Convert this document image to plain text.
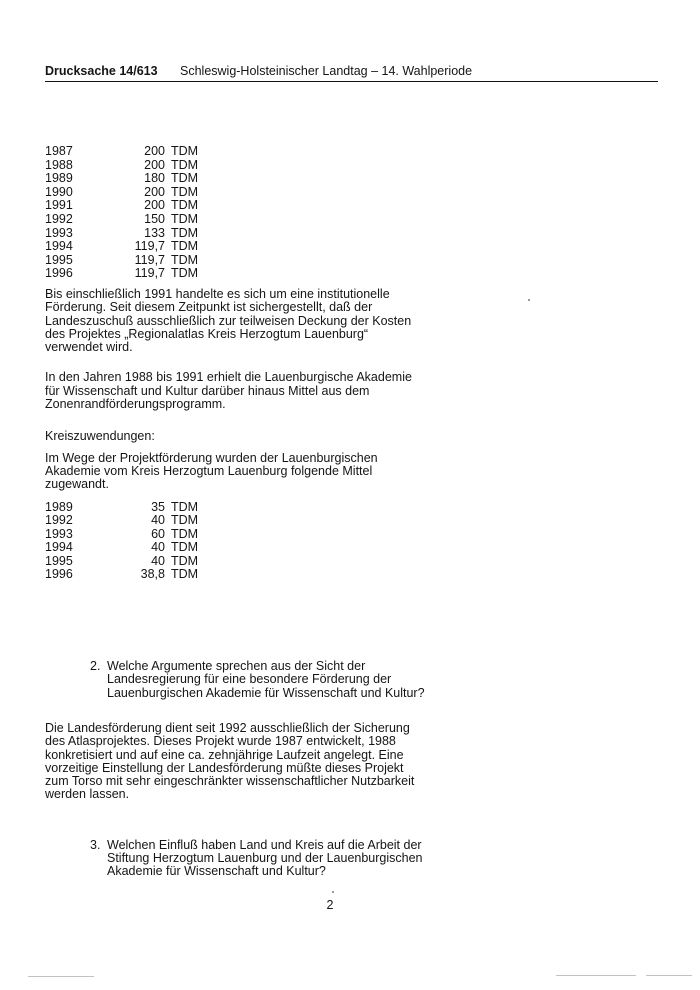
Drucksache 14/613	Schleswig-Holsteinischer Landtag – 14. Wahlperiode
1987	200 TDM
1988	200 TDM
1989	180 TDM
1990	200 TDM
1991	200 TDM
1992	150 TDM
1993	133 TDM
1994	119,7 TDM
1995	119,7 TDM
1996	119,7 TDM

Bis einschließlich 1991 handelte es sich um eine institutionelle Förderung. Seit diesem Zeitpunkt ist sichergestellt, daß der Landeszuschuß ausschließlich zur teilweisen Deckung der Kosten des Projektes „Regionalatlas Kreis Herzogtum Lauenburg“ verwendet wird.

In den Jahren 1988 bis 1991 erhielt die Lauenburgische Akademie für Wissenschaft und Kultur darüber hinaus Mittel aus dem Zonenrandförderungsprogramm.

Kreiszuwendungen:

Im Wege der Projektförderung wurden der Lauenburgischen Akademie vom Kreis Herzogtum Lauenburg folgende Mittel zugewandt.

1989	35 TDM
1992	40 TDM
1993	60 TDM
1994	40 TDM
1995	40 TDM
1996	38,8 TDM
2. Welche Argumente sprechen aus der Sicht der Landesregierung für eine besondere Förderung der Lauenburgischen Akademie für Wissenschaft und Kultur?

Die Landesförderung dient seit 1992 ausschließlich der Sicherung des Atlasprojektes. Dieses Projekt wurde 1987 entwickelt, 1988 konkretisiert und auf eine ca. zehnjährige Laufzeit angelegt. Eine vorzeitige Einstellung der Landesförderung müßte dieses Projekt zum Torso mit sehr eingeschränkter wissenschaftlicher Nutzbarkeit werden lassen.

3. Welchen Einfluß haben Land und Kreis auf die Arbeit der Stiftung Herzogtum Lauenburg und der Lauenburgischen Akademie für Wissenschaft und Kultur?
2
